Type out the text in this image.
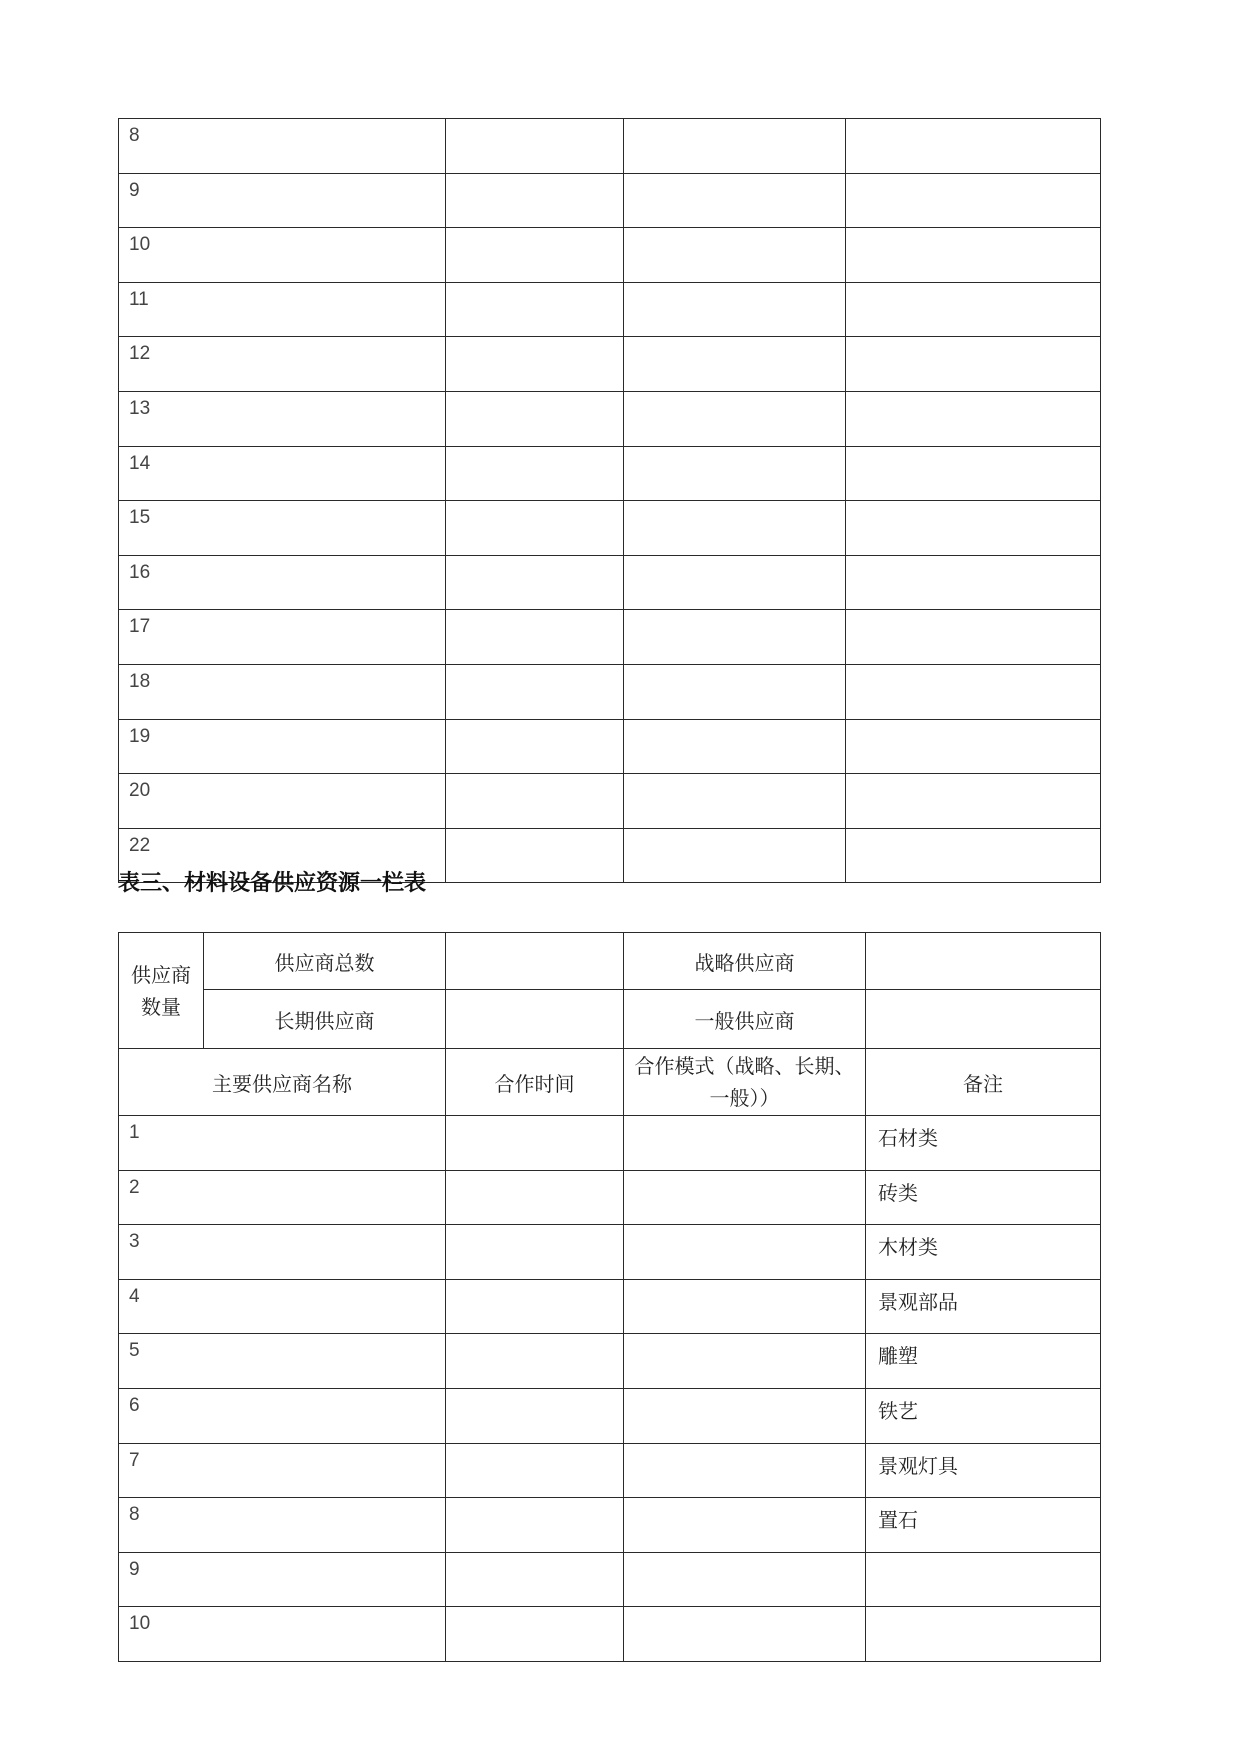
8			
9			
10			
11			
12			
13			
14			
15			
16			
17			
18			
19			
20			
22			
表三、材料设备供应资源一栏表
供应商数量	供应商总数		战略供应商	
	长期供应商		一般供应商	
主要供应商名称		合作时间	合作模式（战略、长期、一般））	备注
1				石材类
2				砖类
3				木材类
4				景观部品
5				雕塑
6				铁艺
7				景观灯具
8				置石
9				
10				
